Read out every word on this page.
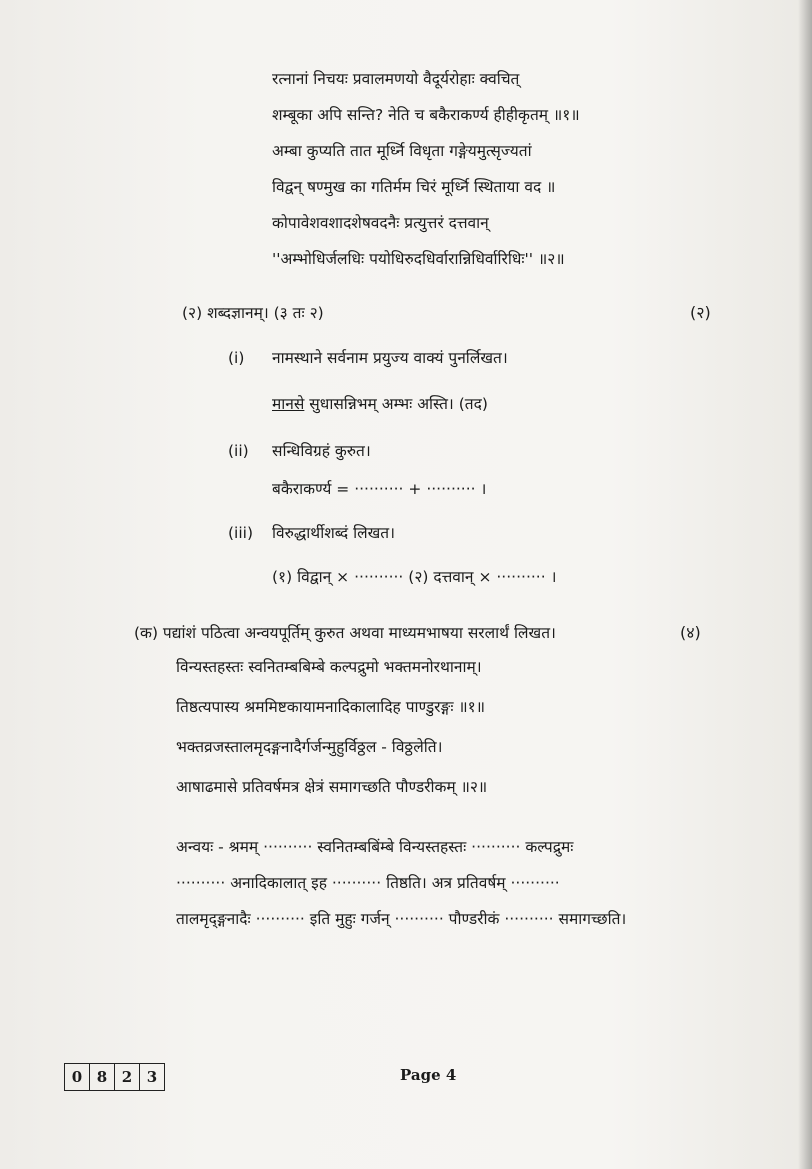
रत्नानां निचयः प्रवालमणयो वैदूर्यरोहाः क्वचित्
शम्बूका अपि सन्ति? नेति च बकैराकर्ण्य हीहीकृतम् ॥१॥
अम्बा कुप्यति तात मूर्ध्नि विधृता गङ्गेयमुत्सृज्यतां
विद्वन् षण्मुख का गतिर्मम चिरं मूर्ध्नि स्थिताया वद ॥
कोपावेशवशादशेषवदनैः प्रत्युत्तरं दत्तवान्
''अम्भोधिर्जलधिः पयोधिरुदधिर्वारान्निधिर्वारिधिः'' ॥२॥
(२) शब्दज्ञानम्। (३ तः २)	(२)
(i) नामस्थाने सर्वनाम प्रयुज्य वाक्यं पुनर्लिखत।
मानसे सुधासन्निभम् अम्भः अस्ति। (तद)
(ii) सन्धिविग्रहं कुरुत।
बकैराकर्ण्य = ·········· + ·········· ।
(iii) विरुद्धार्थीशब्दं लिखत।
(१) विद्वान् × ·········· (२) दत्तवान् × ·········· ।
(क) पद्यांशं पठित्वा अन्वयपूर्तिम् कुरुत अथवा माध्यमभाषया सरलार्थं लिखत।	(४)
विन्यस्तहस्तः स्वनितम्बबिम्बे कल्पद्रुमो भक्तमनोरथानाम्।
तिष्ठत्यपास्य श्रममिष्टकायामनादिकालादिह पाण्डुरङ्गः ॥१॥
भक्तव्रजस्तालमृदङ्गनादैर्गर्जन्मुहुर्विठ्ठल - विठ्ठलेति।
आषाढमासे प्रतिवर्षमत्र क्षेत्रं समागच्छति पौण्डरीकम् ॥२॥
अन्वयः - श्रमम् ·········· स्वनितम्बबिंम्बे विन्यस्तहस्तः ·········· कल्पद्रुमः
·········· अनादिकालात् इह ·········· तिष्ठति। अत्र प्रतिवर्षम् ··········
तालमृद्ङ्गनादैः ·········· इति मुहुः गर्जन् ·········· पौण्डरीकं ·········· समागच्छति।
0 8 2 3	Page 4
